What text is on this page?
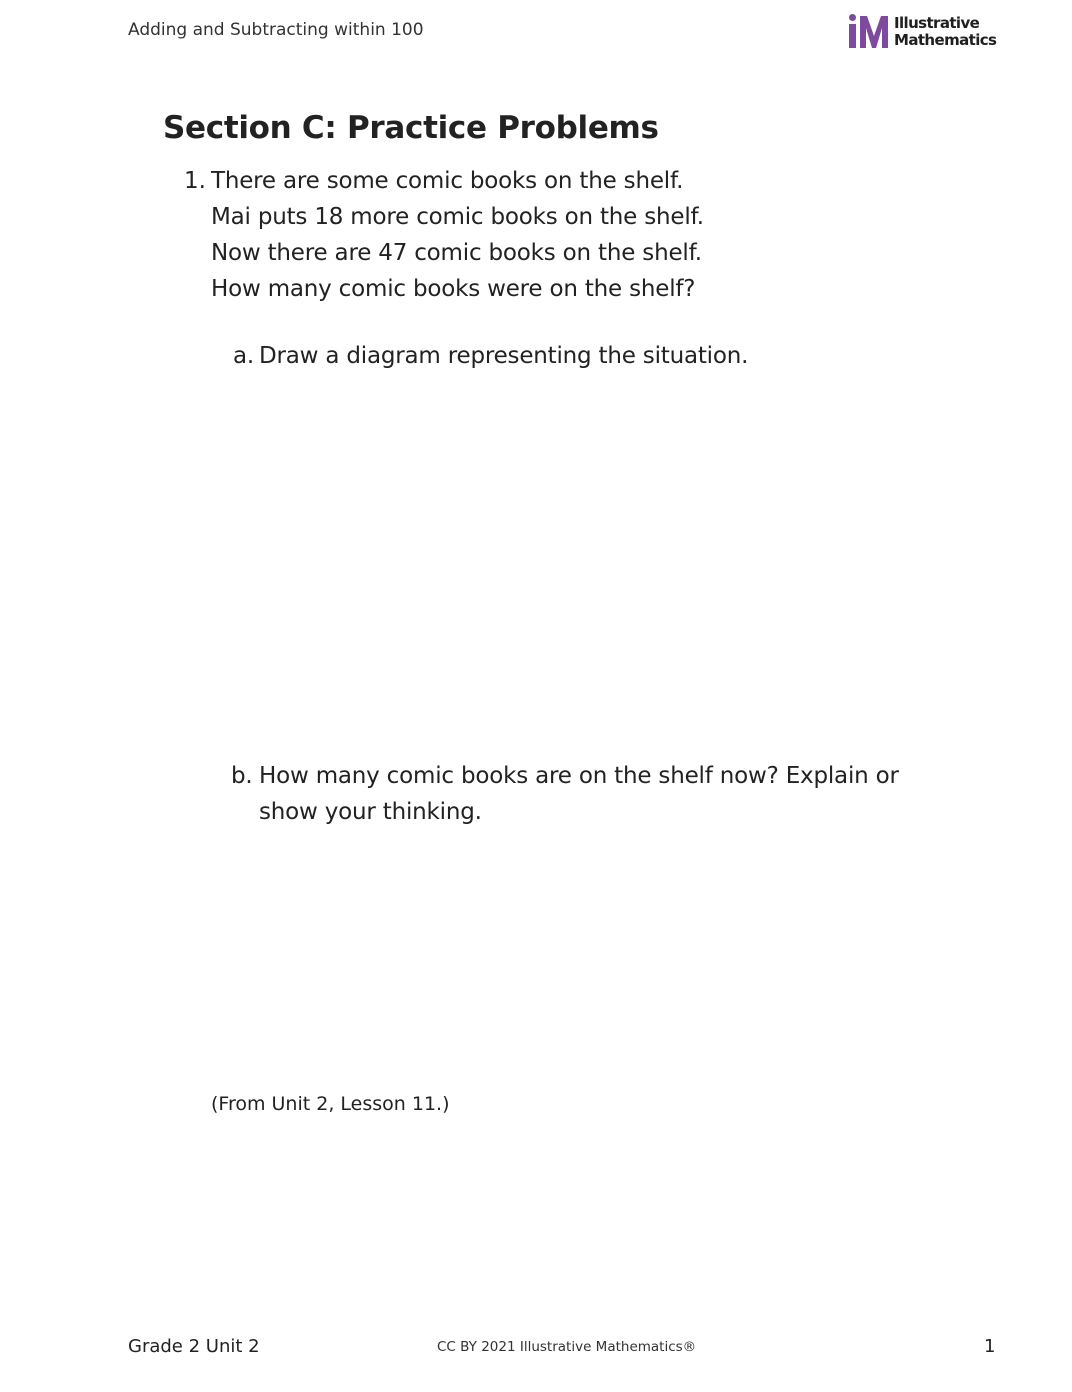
Adding and Subtracting within 100	Illustrative
Mathematics
Section C: Practice Problems
1. There are some comic books on the shelf.
Mai puts 18 more comic books on the shelf.
Now there are 47 comic books on the shelf.
How many comic books were on the shelf?
a. Draw a diagram representing the situation.
b. How many comic books are on the shelf now? Explain or
show your thinking.
(From Unit 2, Lesson 11.)
Grade 2 Unit 2	CC BY 2021 Illustrative Mathematics®	1
